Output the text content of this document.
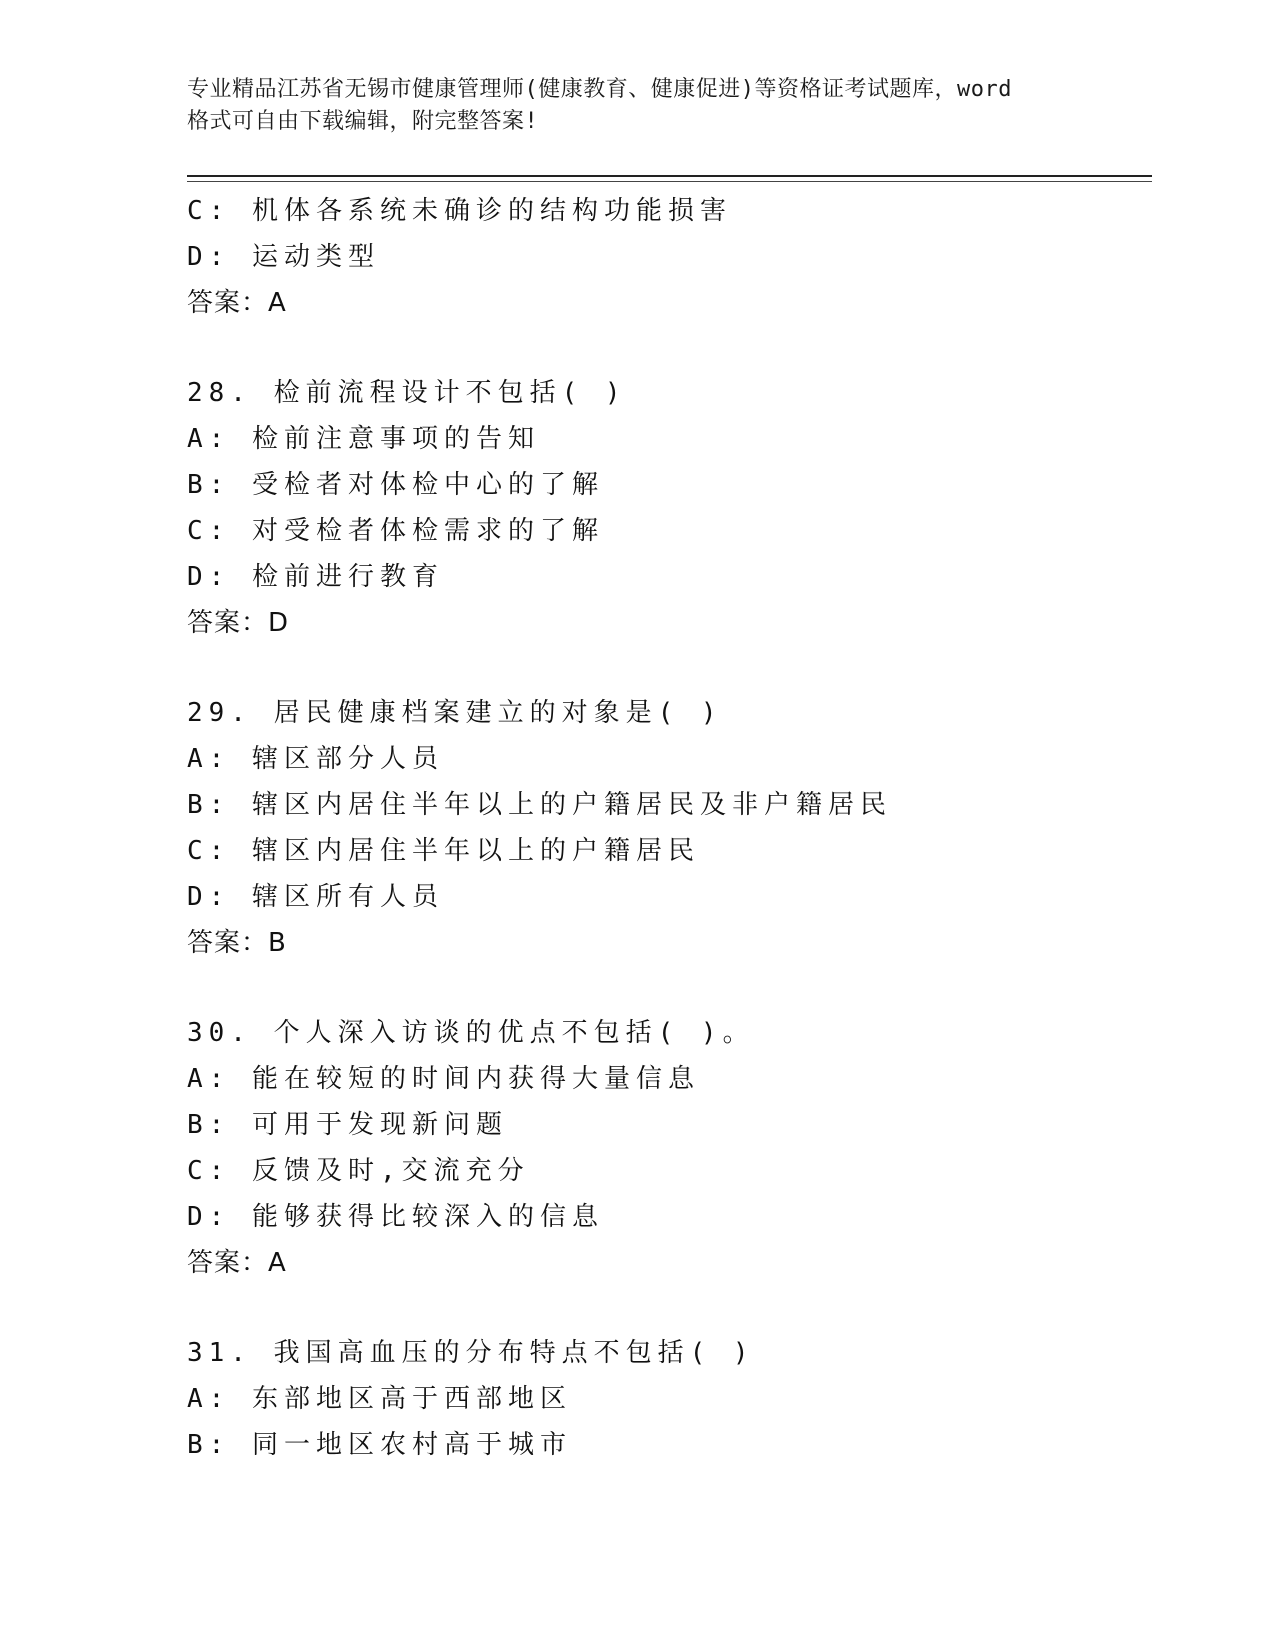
专业精品江苏省无锡市健康管理师(健康教育、健康促进)等资格证考试题库，word
格式可自由下载编辑，附完整答案!
C: 机体各系统未确诊的结构功能损害
D: 运动类型
答案：A
28. 检前流程设计不包括( )
A: 检前注意事项的告知
B: 受检者对体检中心的了解
C: 对受检者体检需求的了解
D: 检前进行教育
答案：D
29. 居民健康档案建立的对象是( )
A: 辖区部分人员
B: 辖区内居住半年以上的户籍居民及非户籍居民
C: 辖区内居住半年以上的户籍居民
D: 辖区所有人员
答案：B
30. 个人深入访谈的优点不包括( )。
A: 能在较短的时间内获得大量信息
B: 可用于发现新问题
C: 反馈及时,交流充分
D: 能够获得比较深入的信息
答案：A
31. 我国高血压的分布特点不包括( )
A: 东部地区高于西部地区
B: 同一地区农村高于城市
